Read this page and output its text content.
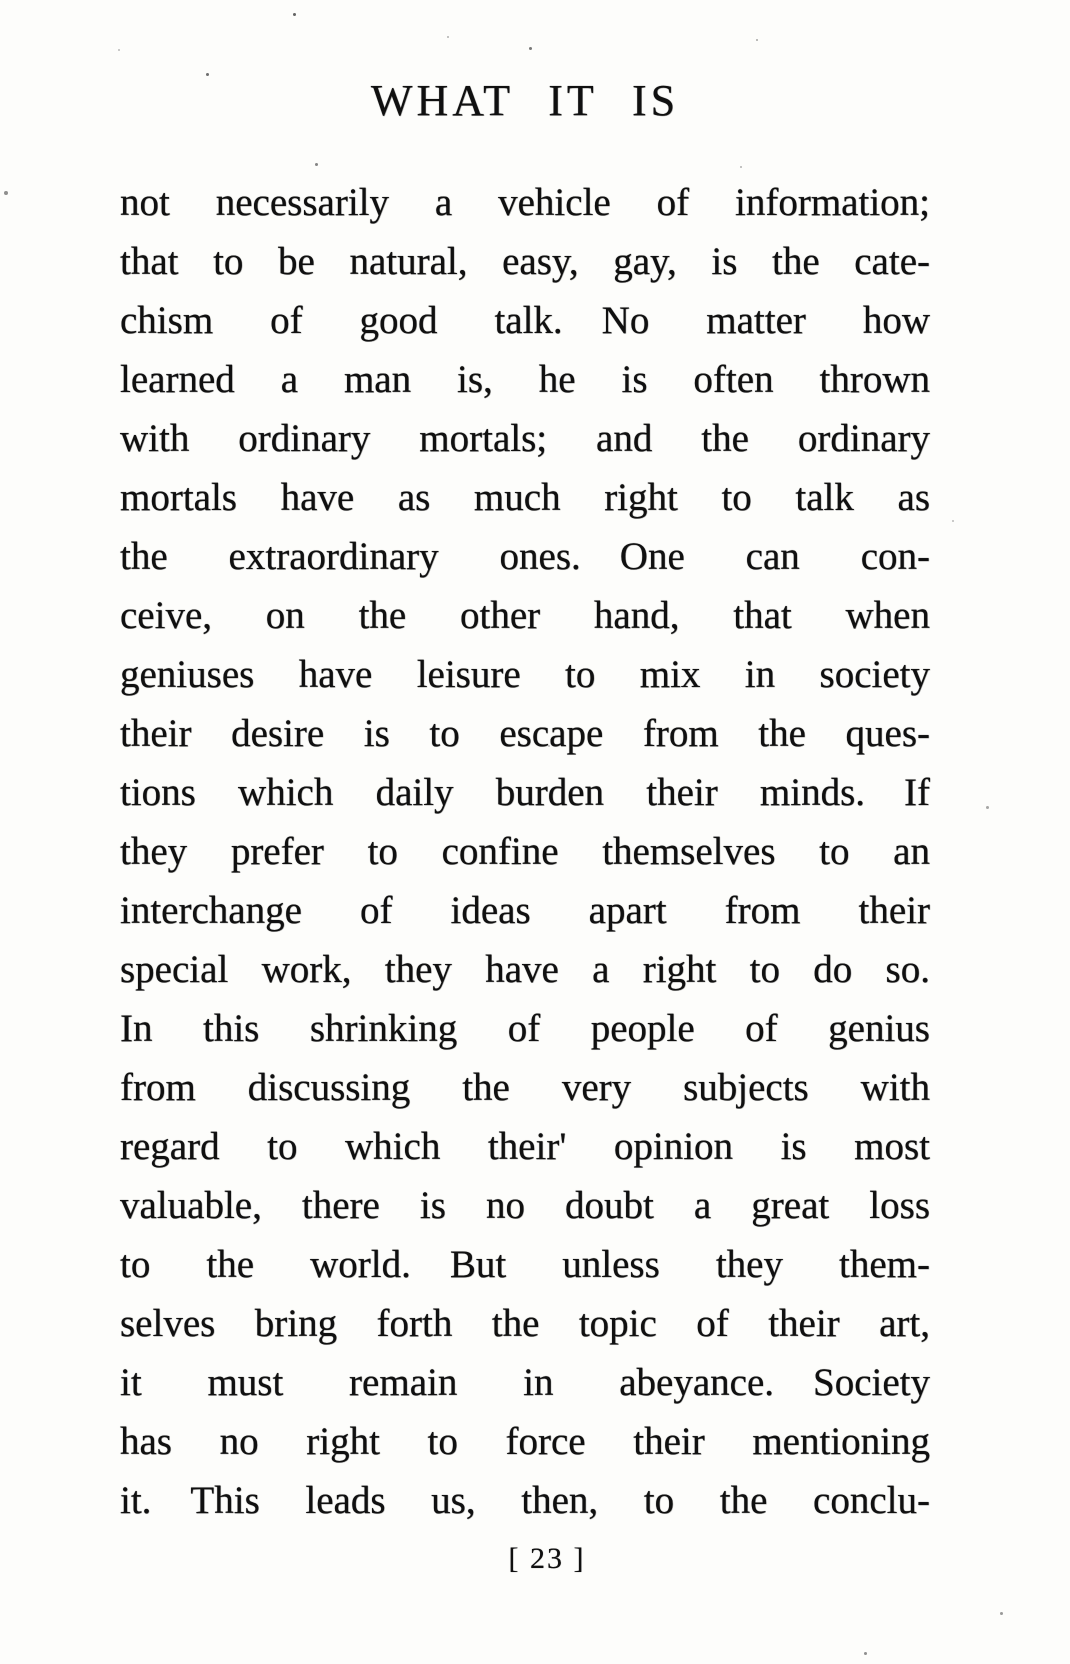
WHAT IT IS
not necessarily a vehicle of information;
that to be natural, easy, gay, is the cate-
chism of good talk. No matter how
learned a man is, he is often thrown
with ordinary mortals; and the ordinary
mortals have as much right to talk as
the extraordinary ones. One can con-
ceive, on the other hand, that when
geniuses have leisure to mix in society
their desire is to escape from the ques-
tions which daily burden their minds. If
they prefer to confine themselves to an
interchange of ideas apart from their
special work, they have a right to do so.
In this shrinking of people of genius
from discussing the very subjects with
regard to which their' opinion is most
valuable, there is no doubt a great loss
to the world. But unless they them-
selves bring forth the topic of their art,
it must remain in abeyance. Society
has no right to force their mentioning
it. This leads us, then, to the conclu-
[ 23 ]
